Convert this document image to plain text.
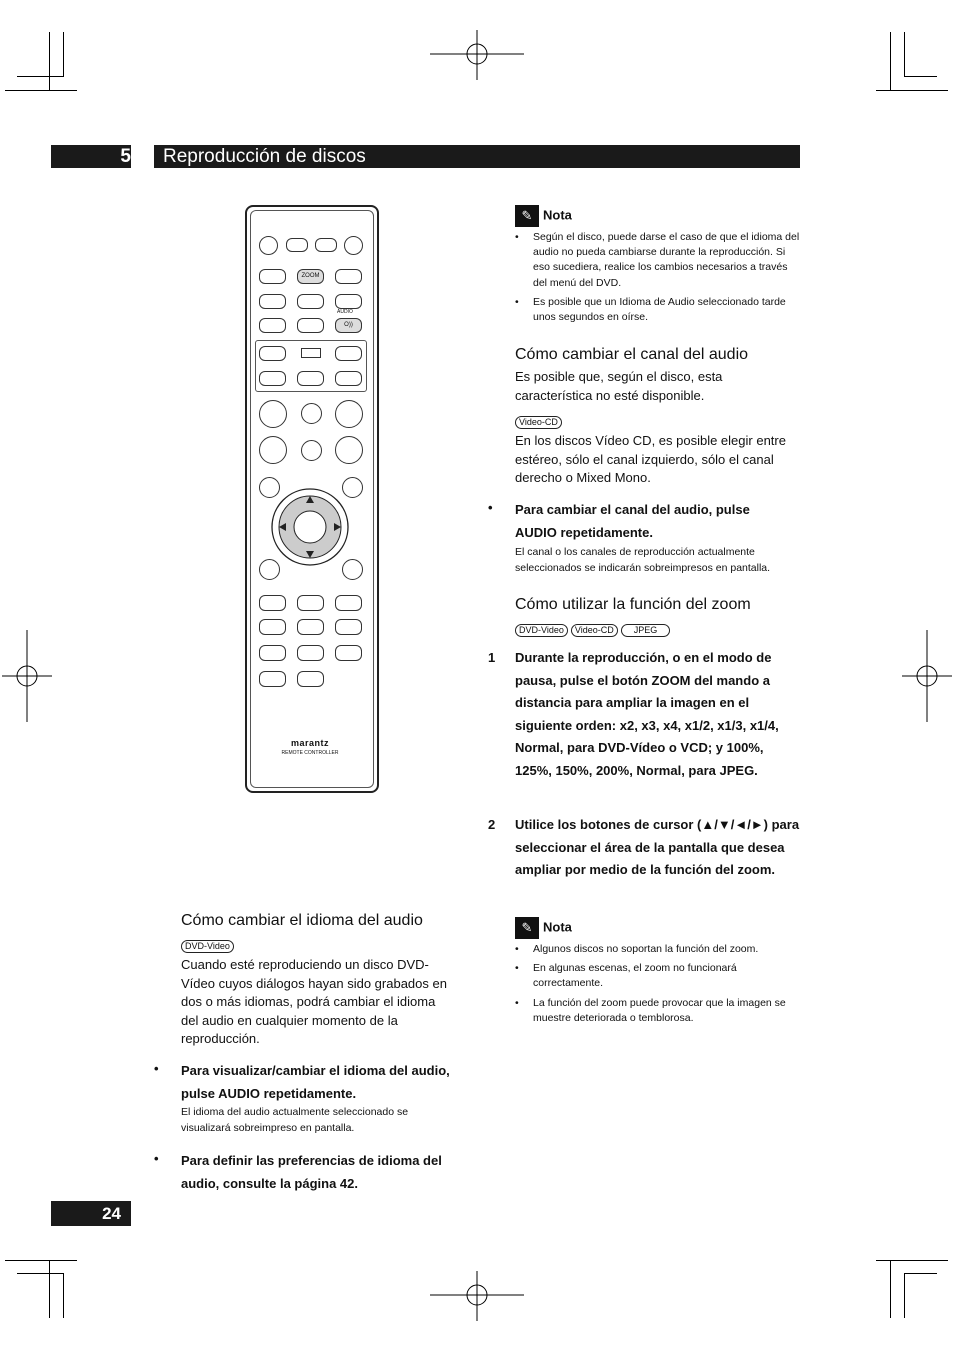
5	Reproducción de discos
ZOOM
AUDIO
O))
marantz
REMOTE CONTROLLER
Cómo cambiar el idioma del audio
DVD-Video
Cuando esté reproduciendo un disco DVD-Vídeo cuyos diálogos hayan sido grabados en dos o más idiomas, podrá cambiar el idioma del audio en cualquier momento de la reproducción.
• Para visualizar/cambiar el idioma del audio, pulse AUDIO repetidamente.
El idioma del audio actualmente seleccionado se visualizará sobreimpreso en pantalla.
• Para definir las preferencias de idioma del audio, consulte la página 42.
✎ Nota
• Según el disco, puede darse el caso de que el idioma del audio no pueda cambiarse durante la reproducción. Si eso sucediera, realice los cambios necesarios a través del menú del DVD.
• Es posible que un Idioma de Audio seleccionado tarde unos segundos en oírse.
Cómo cambiar el canal del audio
Es posible que, según el disco, esta característica no esté disponible.
Video-CD
En los discos Vídeo CD, es posible elegir entre estéreo, sólo el canal izquierdo, sólo el canal derecho o Mixed Mono.
• Para cambiar el canal del audio, pulse AUDIO repetidamente.
El canal o los canales de reproducción actualmente seleccionados se indicarán sobreimpresos en pantalla.
Cómo utilizar la función del zoom
DVD-Video Video-CD JPEG
1 Durante la reproducción, o en el modo de pausa, pulse el botón ZOOM del mando a distancia para ampliar la imagen en el siguiente orden: x2, x3, x4, x1/2, x1/3, x1/4, Normal, para DVD-Vídeo o VCD; y 100%, 125%, 150%, 200%, Normal, para JPEG.
2 Utilice los botones de cursor (▲/▼/◄/►) para seleccionar el área de la pantalla que desea ampliar por medio de la función del zoom.
✎ Nota
• Algunos discos no soportan la función del zoom.
• En algunas escenas, el zoom no funcionará correctamente.
• La función del zoom puede provocar que la imagen se muestre deteriorada o temblorosa.
24
